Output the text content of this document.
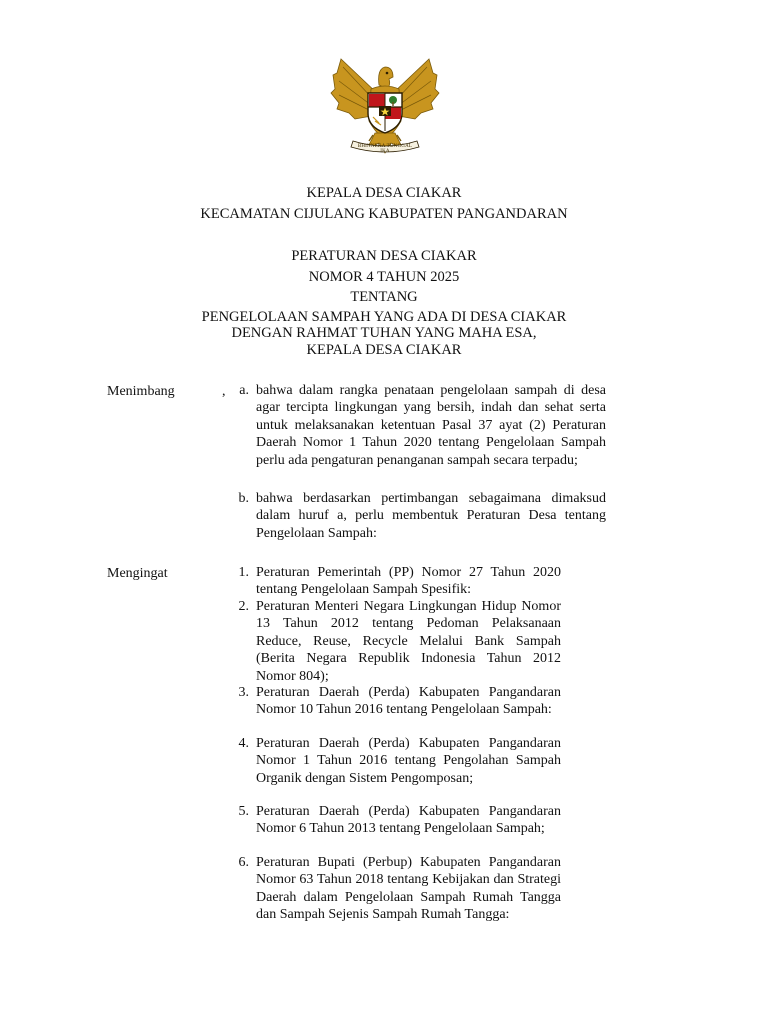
BHINNEKA TUNGGAL IKA
KEPALA DESA CIAKAR
KECAMATAN CIJULANG KABUPATEN PANGANDARAN
PERATURAN DESA CIAKAR
NOMOR 4 TAHUN 2025
TENTANG
PENGELOLAAN SAMPAH YANG ADA DI DESA CIAKAR
DENGAN RAHMAT TUHAN YANG MAHA ESA,
KEPALA DESA CIAKAR
Menimbang	, a. bahwa dalam rangka penataan pengelolaan sampah di desa agar tercipta lingkungan yang bersih, indah dan sehat serta untuk melaksanakan ketentuan Pasal 37 ayat (2) Peraturan Daerah Nomor 1 Tahun 2020 tentang Pengelolaan Sampah perlu ada pengaturan penanganan sampah secara terpadu;
b. bahwa berdasarkan pertimbangan sebagaimana dimaksud dalam huruf a, perlu membentuk Peraturan Desa tentang Pengelolaan Sampah:
Mengingat	1. Peraturan Pemerintah (PP) Nomor 27 Tahun 2020 tentang Pengelolaan Sampah Spesifik:
2. Peraturan Menteri Negara Lingkungan Hidup Nomor 13 Tahun 2012 tentang Pedoman Pelaksanaan Reduce, Reuse, Recycle Melalui Bank Sampah (Berita Negara Republik Indonesia Tahun 2012 Nomor 804);
3. Peraturan Daerah (Perda) Kabupaten Pangandaran Nomor 10 Tahun 2016 tentang Pengelolaan Sampah:
4. Peraturan Daerah (Perda) Kabupaten Pangandaran Nomor 1 Tahun 2016 tentang Pengolahan Sampah Organik dengan Sistem Pengomposan;
5. Peraturan Daerah (Perda) Kabupaten Pangandaran Nomor 6 Tahun 2013 tentang Pengelolaan Sampah;
6. Peraturan Bupati (Perbup) Kabupaten Pangandaran Nomor 63 Tahun 2018 tentang Kebijakan dan Strategi Daerah dalam Pengelolaan Sampah Rumah Tangga dan Sampah Sejenis Sampah Rumah Tangga:
